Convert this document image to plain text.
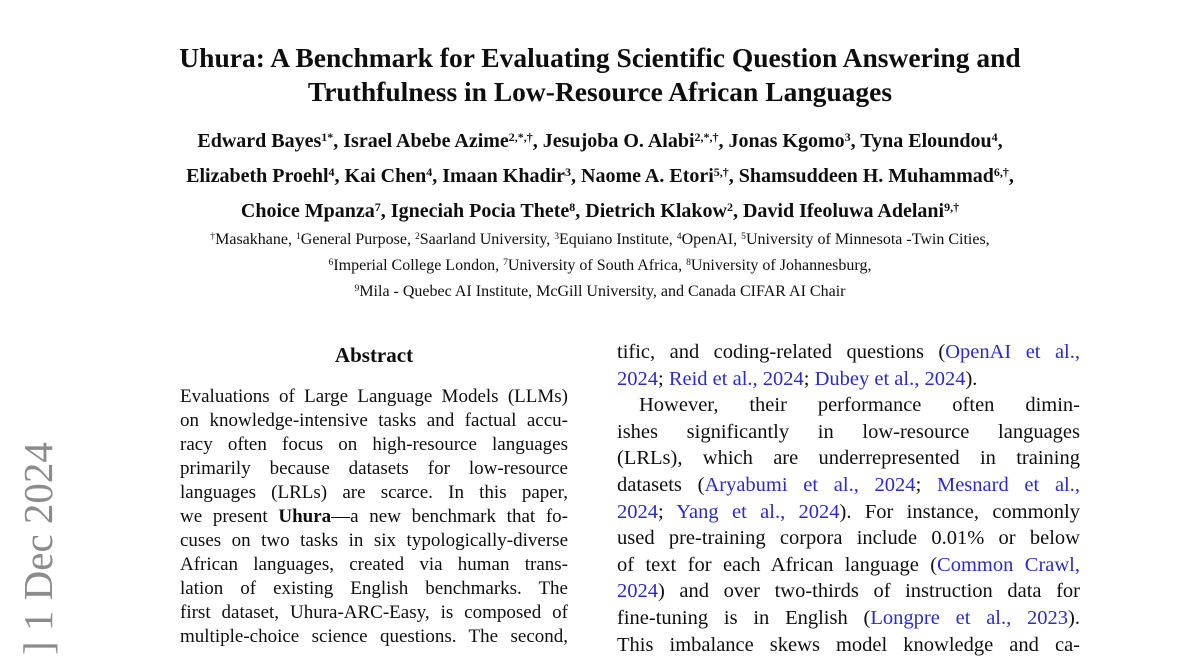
] 1 Dec 2024
Uhura: A Benchmark for Evaluating Scientific Question Answering and
Truthfulness in Low-Resource African Languages
Edward Bayes$^{1*}$, Israel Abebe Azime$^{2,*,\dagger}$, Jesujoba O. Alabi$^{2,*,\dagger}$, Jonas Kgomo$^3$, Tyna Eloundou$^4$,
Elizabeth Proehl$^4$, Kai Chen$^4$, Imaan Khadir$^3$, Naome A. Etori$^{5,\dagger}$, Shamsuddeen H. Muhammad$^{6,\dagger}$,
Choice Mpanza$^7$, Igneciah Pocia Thete$^8$, Dietrich Klakow$^2$, David Ifeoluwa Adelani$^{9,\dagger}$
†Masakhane, $^1$General Purpose, $^2$Saarland University, $^3$Equiano Institute, $^4$OpenAI, $^5$University of Minnesota -Twin Cities,
$^6$Imperial College London, $^7$University of South Africa, $^8$University of Johannesburg,
$^9$Mila - Quebec AI Institute, McGill University, and Canada CIFAR AI Chair
Abstract
Evaluations of Large Language Models (LLMs)
on knowledge-intensive tasks and factual accu-
racy often focus on high-resource languages
primarily because datasets for low-resource
languages (LRLs) are scarce. In this paper,
we present Uhura—a new benchmark that fo-
cuses on two tasks in six typologically-diverse
African languages, created via human trans-
lation of existing English benchmarks. The
first dataset, Uhura-ARC-Easy, is composed of
multiple-choice science questions. The second,
tific, and coding-related questions (OpenAI et al.,
2024; Reid et al., 2024; Dubey et al., 2024).
However, their performance often dimin-
ishes significantly in low-resource languages
(LRLs), which are underrepresented in training
datasets (Aryabumi et al., 2024; Mesnard et al.,
2024; Yang et al., 2024). For instance, commonly
used pre-training corpora include 0.01% or below
of text for each African language (Common Crawl,
2024) and over two-thirds of instruction data for
fine-tuning is in English (Longpre et al., 2023).
This imbalance skews model knowledge and ca-
